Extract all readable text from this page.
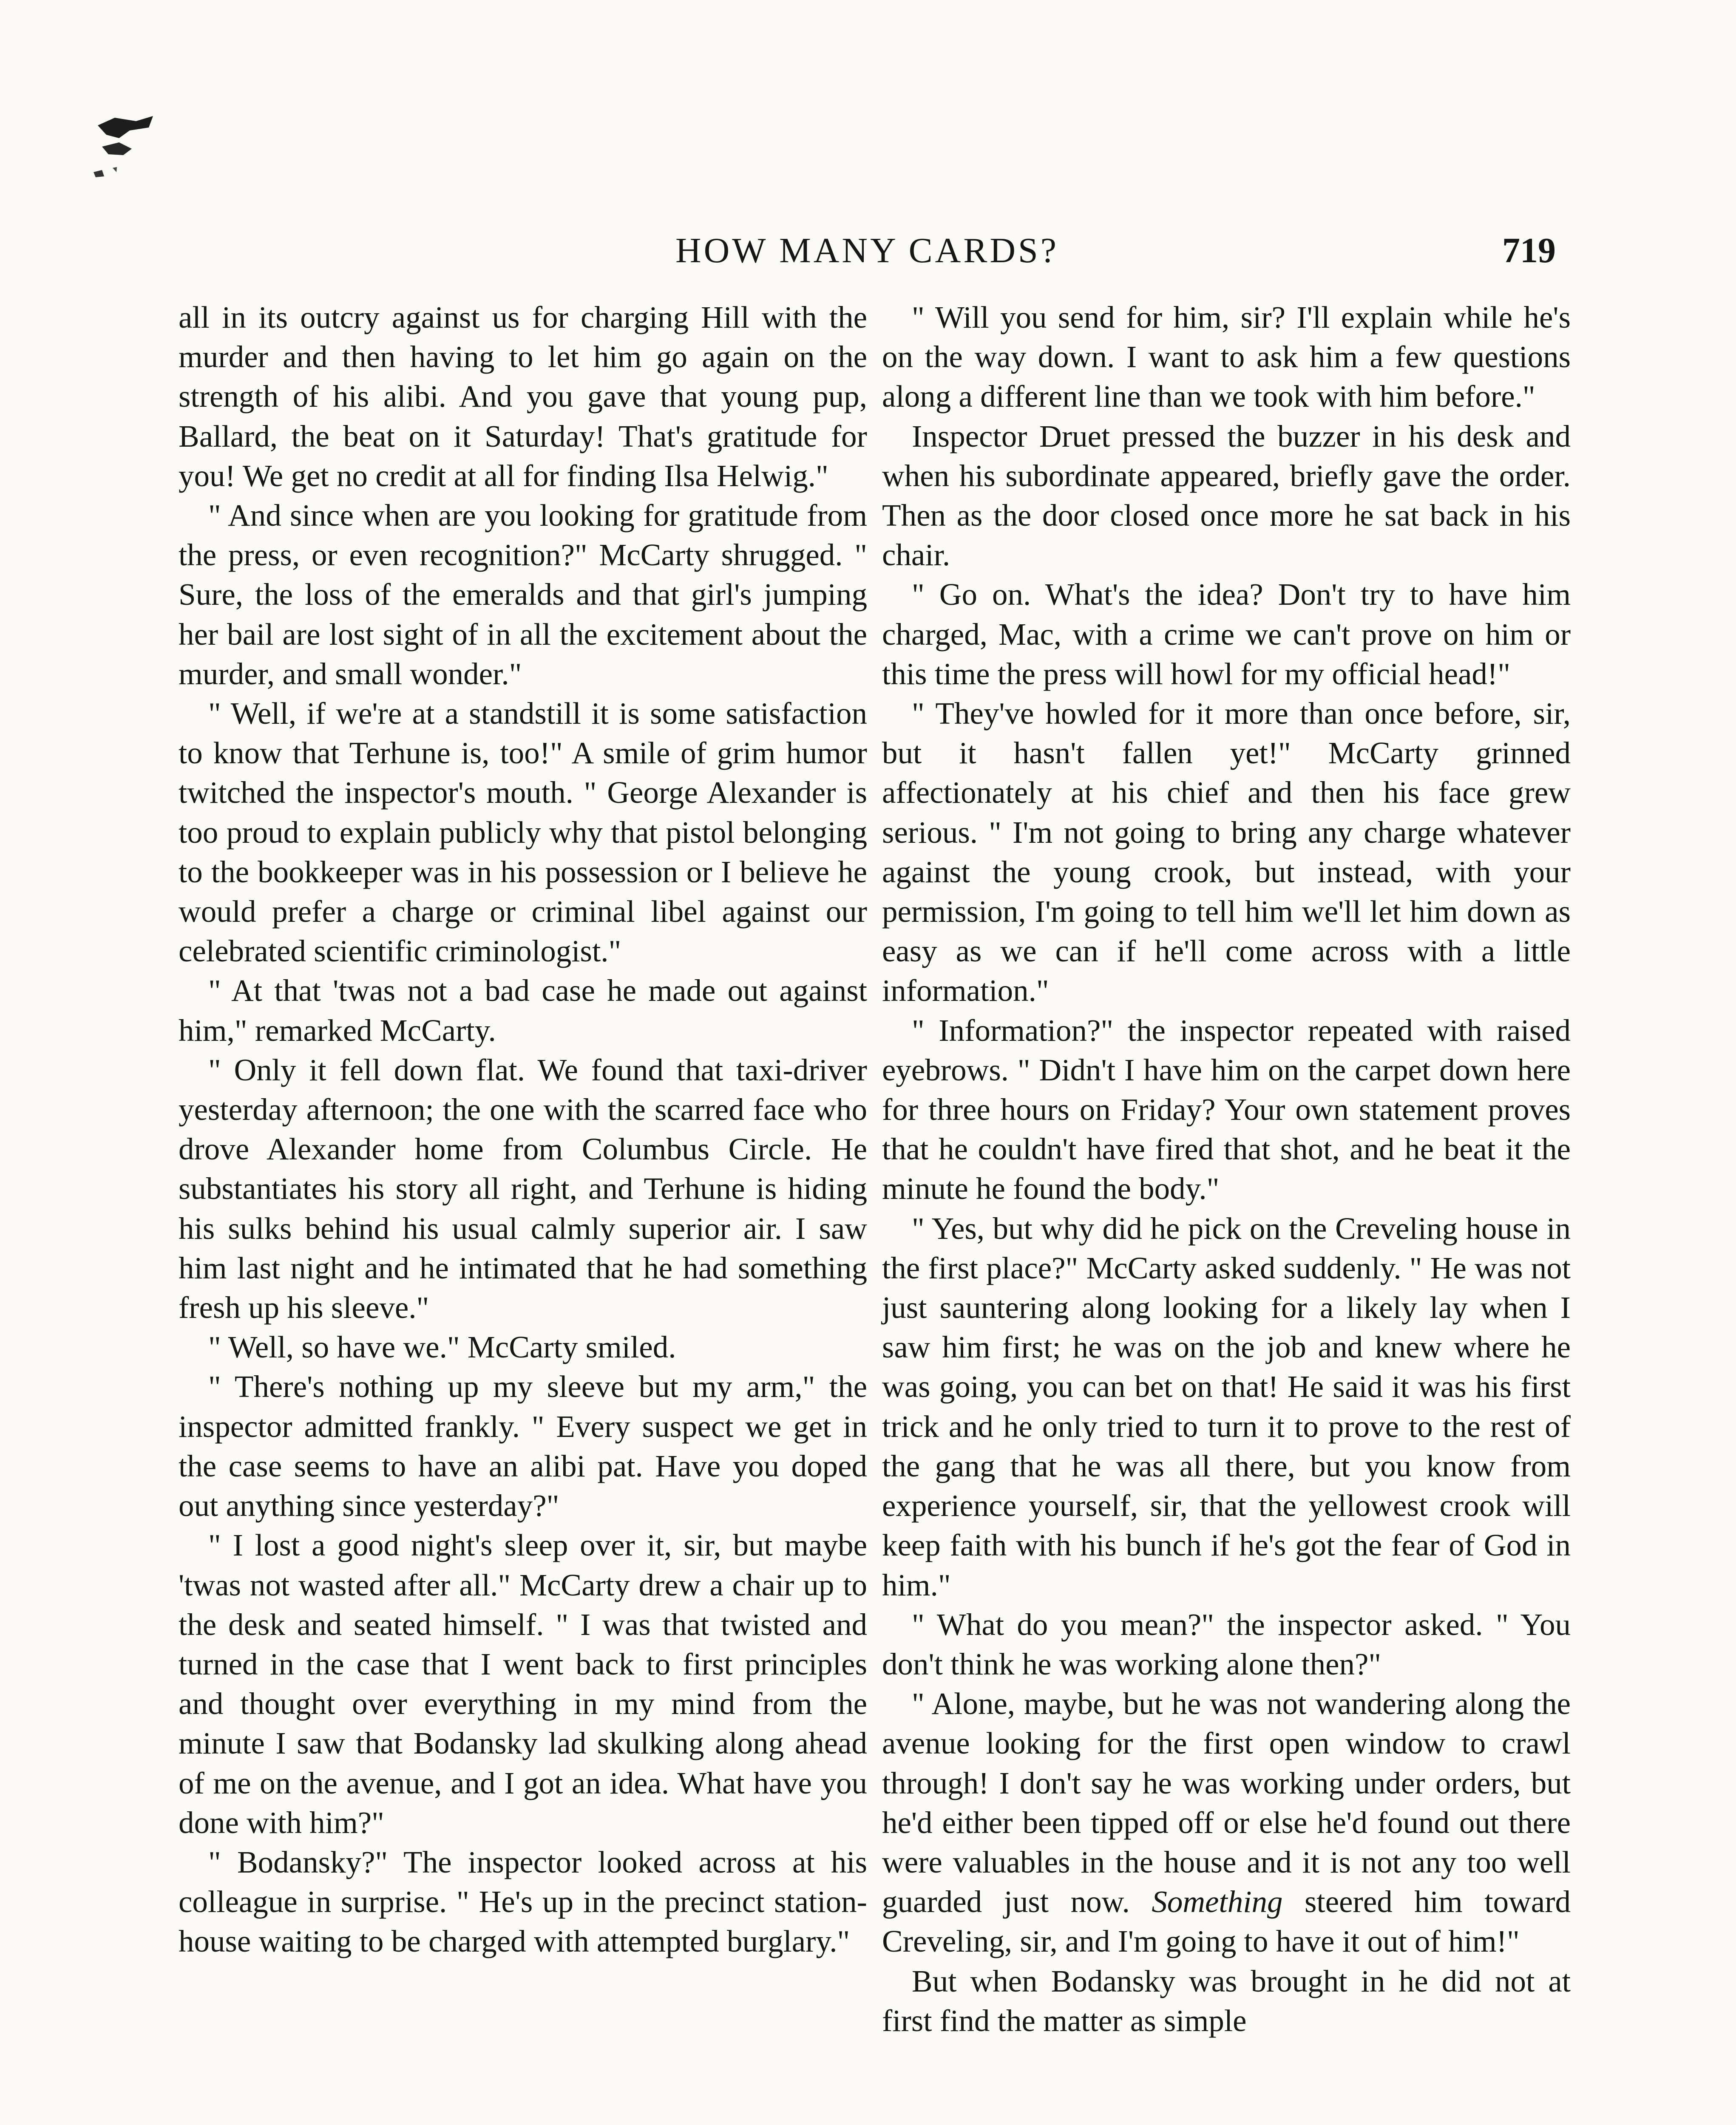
HOW MANY CARDS?	719

all in its outcry against us for charging Hill with the murder and then having to let him go again on the strength of his alibi. And you gave that young pup, Ballard, the beat on it Saturday! That's gratitude for you! We get no credit at all for finding Ilsa Helwig."

" And since when are you looking for gratitude from the press, or even recognition?" McCarty shrugged. " Sure, the loss of the emeralds and that girl's jumping her bail are lost sight of in all the excitement about the murder, and small wonder."

" Well, if we're at a standstill it is some satisfaction to know that Terhune is, too!" A smile of grim humor twitched the inspector's mouth. " George Alexander is too proud to explain publicly why that pistol belonging to the bookkeeper was in his possession or I believe he would prefer a charge or criminal libel against our celebrated scientific criminologist."

" At that 'twas not a bad case he made out against him," remarked McCarty.

" Only it fell down flat. We found that taxi-driver yesterday afternoon; the one with the scarred face who drove Alexander home from Columbus Circle. He substantiates his story all right, and Terhune is hiding his sulks behind his usual calmly superior air. I saw him last night and he intimated that he had something fresh up his sleeve."

" Well, so have we." McCarty smiled.

" There's nothing up my sleeve but my arm," the inspector admitted frankly. " Every suspect we get in the case seems to have an alibi pat. Have you doped out anything since yesterday?"

" I lost a good night's sleep over it, sir, but maybe 'twas not wasted after all." McCarty drew a chair up to the desk and seated himself. " I was that twisted and turned in the case that I went back to first principles and thought over everything in my mind from the minute I saw that Bodansky lad skulking along ahead of me on the avenue, and I got an idea. What have you done with him?"

" Bodansky?" The inspector looked across at his colleague in surprise. " He's up in the precinct station-house waiting to be charged with attempted burglary."

" Will you send for him, sir? I'll explain while he's on the way down. I want to ask him a few questions along a different line than we took with him before."

Inspector Druet pressed the buzzer in his desk and when his subordinate appeared, briefly gave the order. Then as the door closed once more he sat back in his chair.

" Go on. What's the idea? Don't try to have him charged, Mac, with a crime we can't prove on him or this time the press will howl for my official head!"

" They've howled for it more than once before, sir, but it hasn't fallen yet!" McCarty grinned affectionately at his chief and then his face grew serious. " I'm not going to bring any charge whatever against the young crook, but instead, with your permission, I'm going to tell him we'll let him down as easy as we can if he'll come across with a little information."

" Information?" the inspector repeated with raised eyebrows. " Didn't I have him on the carpet down here for three hours on Friday? Your own statement proves that he couldn't have fired that shot, and he beat it the minute he found the body."

" Yes, but why did he pick on the Creveling house in the first place?" McCarty asked suddenly. " He was not just sauntering along looking for a likely lay when I saw him first; he was on the job and knew where he was going, you can bet on that! He said it was his first trick and he only tried to turn it to prove to the rest of the gang that he was all there, but you know from experience yourself, sir, that the yellowest crook will keep faith with his bunch if he's got the fear of God in him."

" What do you mean?" the inspector asked. " You don't think he was working alone then?"

" Alone, maybe, but he was not wandering along the avenue looking for the first open window to crawl through! I don't say he was working under orders, but he'd either been tipped off or else he'd found out there were valuables in the house and it is not any too well guarded just now. Something steered him toward Creveling, sir, and I'm going to have it out of him!"

But when Bodansky was brought in he did not at first find the matter as simple
